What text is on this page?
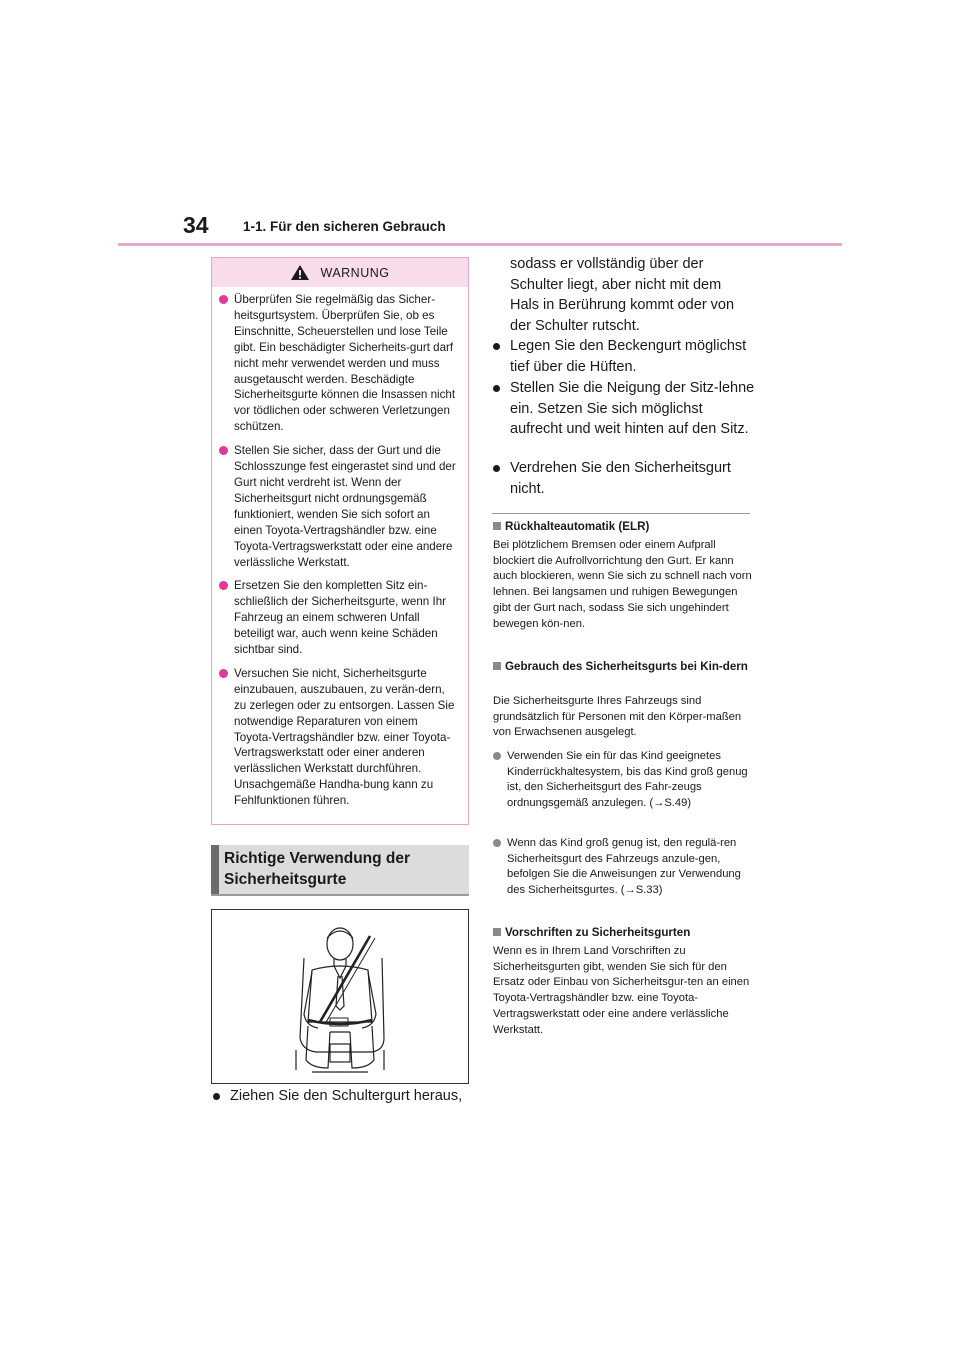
34	1-1. Für den sicheren Gebrauch
WARNUNG
Überprüfen Sie regelmäßig das Sicher-heitsgurtsystem. Überprüfen Sie, ob es Einschnitte, Scheuerstellen und lose Teile gibt. Ein beschädigter Sicherheits-gurt darf nicht mehr verwendet werden und muss ausgetauscht werden. Beschädigte Sicherheitsgurte können die Insassen nicht vor tödlichen oder schweren Verletzungen schützen.
Stellen Sie sicher, dass der Gurt und die Schlosszunge fest eingerastet sind und der Gurt nicht verdreht ist. Wenn der Sicherheitsgurt nicht ordnungsgemäß funktioniert, wenden Sie sich sofort an einen Toyota-Vertragshändler bzw. eine Toyota-Vertragswerkstatt oder eine andere verlässliche Werkstatt.
Ersetzen Sie den kompletten Sitz ein-schließlich der Sicherheitsgurte, wenn Ihr Fahrzeug an einem schweren Unfall beteiligt war, auch wenn keine Schäden sichtbar sind.
Versuchen Sie nicht, Sicherheitsgurte einzubauen, auszubauen, zu verän-dern, zu zerlegen oder zu entsorgen. Lassen Sie notwendige Reparaturen von einem Toyota-Vertragshändler bzw. einer Toyota-Vertragswerkstatt oder einer anderen verlässlichen Werkstatt durchführen. Unsachgemäße Handha-bung kann zu Fehlfunktionen führen.
Richtige Verwendung der
Sicherheitsgurte
Ziehen Sie den Schultergurt heraus,
sodass er vollständig über der Schulter liegt, aber nicht mit dem Hals in Berührung kommt oder von der Schulter rutscht.
Legen Sie den Beckengurt möglichst tief über die Hüften.
Stellen Sie die Neigung der Sitz-lehne ein. Setzen Sie sich möglichst aufrecht und weit hinten auf den Sitz.
Verdrehen Sie den Sicherheitsgurt nicht.
Rückhalteautomatik (ELR)
Bei plötzlichem Bremsen oder einem Aufprall blockiert die Aufrollvorrichtung den Gurt. Er kann auch blockieren, wenn Sie sich zu schnell nach vorn lehnen. Bei langsamen und ruhigen Bewegungen gibt der Gurt nach, sodass Sie sich ungehindert bewegen kön-nen.
Gebrauch des Sicherheitsgurts bei Kin-dern
Die Sicherheitsgurte Ihres Fahrzeugs sind grundsätzlich für Personen mit den Körper-maßen von Erwachsenen ausgelegt.
Verwenden Sie ein für das Kind geeignetes Kinderrückhaltesystem, bis das Kind groß genug ist, den Sicherheitsgurt des Fahr-zeugs ordnungsgemäß anzulegen. (→S.49)
Wenn das Kind groß genug ist, den regulä-ren Sicherheitsgurt des Fahrzeugs anzule-gen, befolgen Sie die Anweisungen zur Verwendung des Sicherheitsgurtes. (→S.33)
Vorschriften zu Sicherheitsgurten
Wenn es in Ihrem Land Vorschriften zu Sicherheitsgurten gibt, wenden Sie sich für den Ersatz oder Einbau von Sicherheitsgur-ten an einen Toyota-Vertragshändler bzw. eine Toyota-Vertragswerkstatt oder eine andere verlässliche Werkstatt.
